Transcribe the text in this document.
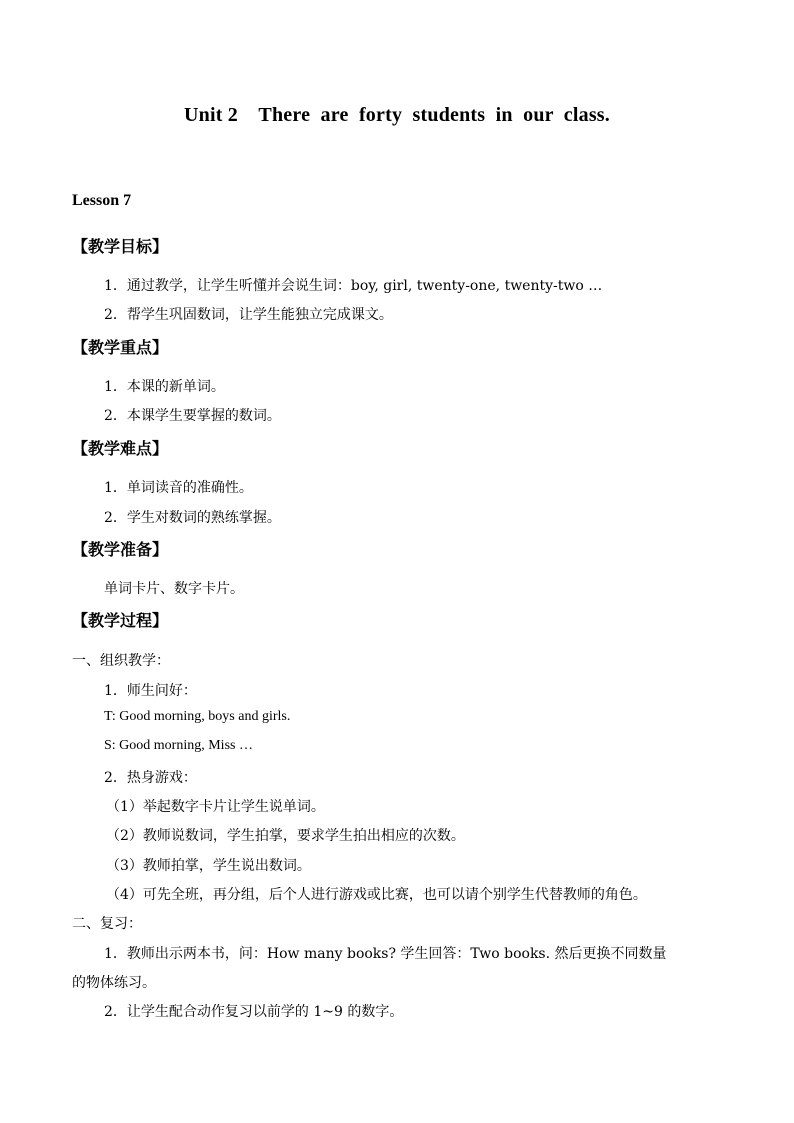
Unit 2    There  are  forty  students  in  our  class.
Lesson 7
【教学目标】
1．通过教学，让学生听懂并会说生词：boy, girl, twenty-one, twenty-two …
2．帮学生巩固数词，让学生能独立完成课文。
【教学重点】
1．本课的新单词。
2．本课学生要掌握的数词。
【教学难点】
1．单词读音的准确性。
2．学生对数词的熟练掌握。
【教学准备】
单词卡片、数字卡片。
【教学过程】
一、组织教学：
1．师生问好：
T: Good morning, boys and girls.
S: Good morning, Miss …
2．热身游戏：
（1）举起数字卡片让学生说单词。
（2）教师说数词，学生拍掌，要求学生拍出相应的次数。
（3）教师拍掌，学生说出数词。
（4）可先全班，再分组，后个人进行游戏或比赛，也可以请个别学生代替教师的角色。
二、复习：
1．教师出示两本书，问：How many books? 学生回答：Two books. 然后更换不同数量
的物体练习。
2．让学生配合动作复习以前学的 1~9 的数字。
